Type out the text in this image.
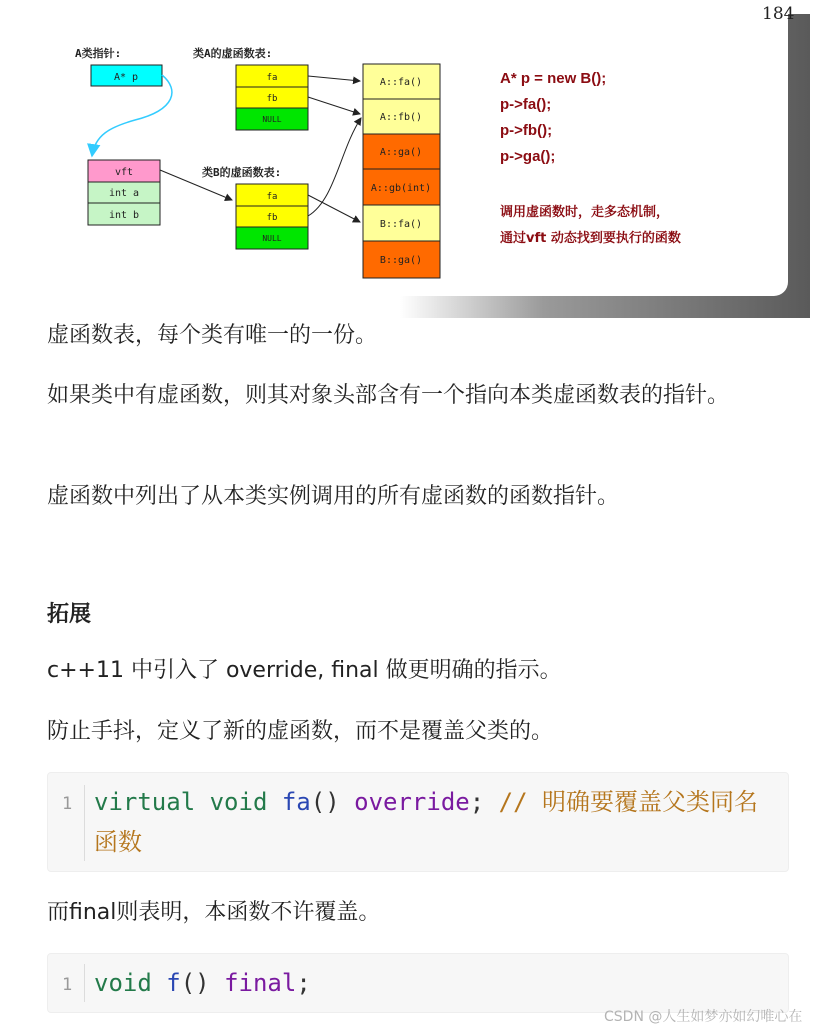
A类指针:	类A的虚函数表:
类B的虚函数表:
A* p
vft
int a
int b
fa
fb
NULL
fa
fb
NULL
A::fa()
A::fb()
A::ga()
A::gb(int)
B::fa()
B::ga()
A* p = new B();
p->fa();
p->fb();
p->ga();
调用虚函数时，走多态机制，
通过vft 动态找到要执行的函数
184

虚函数表，每个类有唯一的一份。

如果类中有虚函数，则其对象头部含有一个指向本类虚函数表的指针。

虚函数中列出了从本类实例调用的所有虚函数的函数指针。

拓展

c++11 中引入了 override, final 做更明确的指示。

防止手抖，定义了新的虚函数，而不是覆盖父类的。

1 virtual void fa() override; // 明确要覆盖父类同名函数

而final则表明，本函数不许覆盖。

1 void f() final;
CSDN @人生如梦亦如幻唯心在
